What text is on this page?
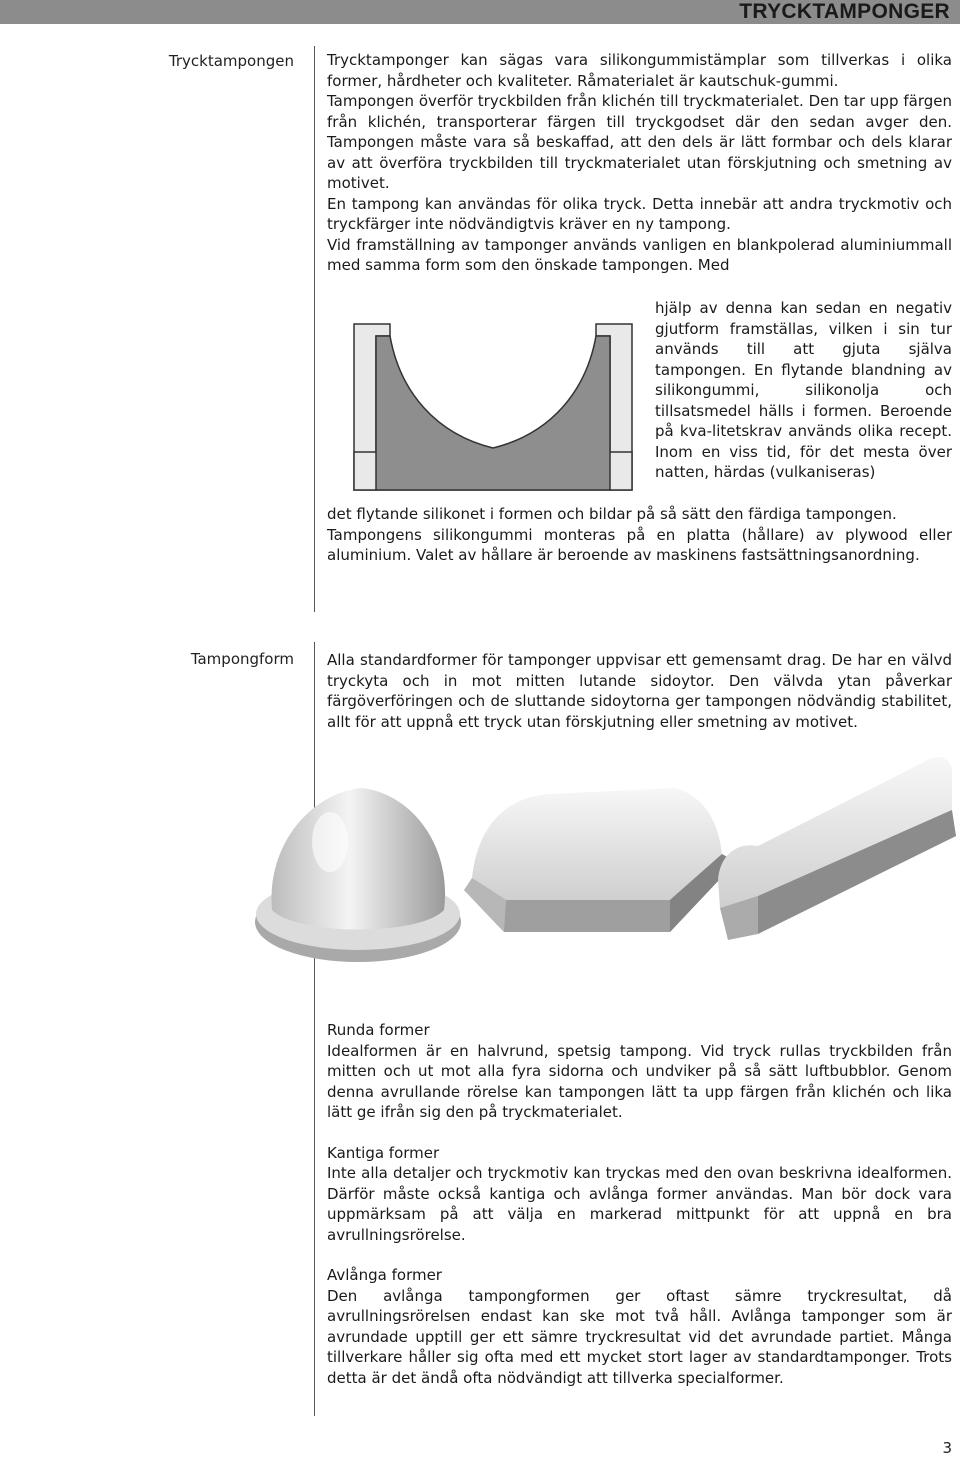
TRYCKTAMPONGER
Trycktampongen Trycktamponger kan sägas vara silikongummistämplar som tillverkas i olika former, hårdheter och kvaliteter. Råmaterialet är kautschuk-gummi.

Tampongen överför tryckbilden från klichén till tryckmaterialet. Den tar upp färgen från klichén, transporterar färgen till tryckgodset där den sedan avger den. Tampongen måste vara så beskaffad, att den dels är lätt formbar och dels klarar av att överföra tryckbilden till tryckmaterialet utan förskjutning och smetning av motivet.

En tampong kan användas för olika tryck. Detta innebär att andra tryckmotiv och tryckfärger inte nödvändigtvis kräver en ny tampong.

Vid framställning av tamponger används vanligen en blankpolerad aluminiummall med samma form som den önskade tampongen. Med

hjälp av denna kan sedan en negativ gjutform framställas, vilken i sin tur används till att gjuta själva tampongen. En flytande blandning av silikongummi, silikonolja och tillsatsmedel hälls i formen. Beroende på kva-litetskrav används olika recept. Inom en viss tid, för det mesta över natten, härdas (vulkaniseras)

det flytande silikonet i formen och bildar på så sätt den färdiga tampongen.

Tampongens silikongummi monteras på en platta (hållare) av plywood eller aluminium. Valet av hållare är beroende av maskinens fastsättningsanordning.

Tampongform Alla standardformer för tamponger uppvisar ett gemensamt drag. De har en välvd tryckyta och in mot mitten lutande sidoytor. Den välvda ytan påverkar färgöverföringen och de sluttande sidoytorna ger tampongen nödvändig stabilitet, allt för att uppnå ett tryck utan förskjutning eller smetning av motivet.

Runda former

Idealformen är en halvrund, spetsig tampong. Vid tryck rullas tryckbilden från mitten och ut mot alla fyra sidorna och undviker på så sätt luftbubblor. Genom denna avrullande rörelse kan tampongen lätt ta upp färgen från klichén och lika lätt ge ifrån sig den på tryckmaterialet.

Kantiga former

Inte alla detaljer och tryckmotiv kan tryckas med den ovan beskrivna idealformen. Därför måste också kantiga och avlånga former användas. Man bör dock vara uppmärksam på att välja en markerad mittpunkt för att uppnå en bra avrullningsrörelse.

Avlånga former

Den avlånga tampongformen ger oftast sämre tryckresultat, då avrullningsrörelsen endast kan ske mot två håll. Avlånga tamponger som är avrundade upptill ger ett sämre tryckresultat vid det avrundade partiet. Många tillverkare håller sig ofta med ett mycket stort lager av standardtamponger. Trots detta är det ändå ofta nödvändigt att tillverka specialformer.

3
